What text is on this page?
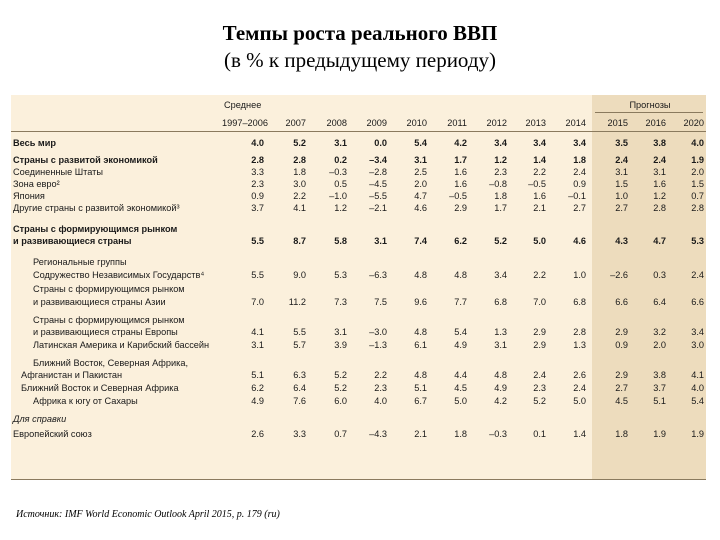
Темпы роста реального ВВП
(в % к предыдущему периоду)
Среднее
1997–2006
Прогнозы
2007	2008	2009	2010	2011	2012	2013	2014	2015	2016	2020
Весь мир	4.0	5.2	3.1	0.0	5.4	4.2	3.4	3.4	3.4	3.5	3.8	4.0
Страны с развитой экономикой	2.8	2.8	0.2	–3.4	3.1	1.7	1.2	1.4	1.8	2.4	2.4	1.9
Соединенные Штаты	3.3	1.8	–0.3	–2.8	2.5	1.6	2.3	2.2	2.4	3.1	3.1	2.0
Зона евро²	2.3	3.0	0.5	–4.5	2.0	1.6	–0.8	–0.5	0.9	1.5	1.6	1.5
Япония	0.9	2.2	–1.0	–5.5	4.7	–0.5	1.8	1.6	–0.1	1.0	1.2	0.7
Другие страны с развитой экономикой³	3.7	4.1	1.2	–2.1	4.6	2.9	1.7	2.1	2.7	2.7	2.8	2.8
Страны с формирующимся рынком
и развивающиеся страны	5.5	8.7	5.8	3.1	7.4	6.2	5.2	5.0	4.6	4.3	4.7	5.3
Региональные группы
Содружество Независимых Государств⁴	5.5	9.0	5.3	–6.3	4.8	4.8	3.4	2.2	1.0	–2.6	0.3	2.4
Страны с формирующимся рынком
и развивающиеся страны Азии	7.0	11.2	7.3	7.5	9.6	7.7	6.8	7.0	6.8	6.6	6.4	6.6
Страны с формирующимся рынком
и развивающиеся страны Европы	4.1	5.5	3.1	–3.0	4.8	5.4	1.3	2.9	2.8	2.9	3.2	3.4
Латинская Америка и Карибский бассейн	3.1	5.7	3.9	–1.3	6.1	4.9	3.1	2.9	1.3	0.9	2.0	3.0
Ближний Восток, Северная Африка,
Афганистан и Пакистан	5.1	6.3	5.2	2.2	4.8	4.4	4.8	2.4	2.6	2.9	3.8	4.1
Ближний Восток и Северная Африка	6.2	6.4	5.2	2.3	5.1	4.5	4.9	2.3	2.4	2.7	3.7	4.0
Африка к югу от Сахары	4.9	7.6	6.0	4.0	6.7	5.0	4.2	5.2	5.0	4.5	5.1	5.4
Для справки
Европейский союз	2.6	3.3	0.7	–4.3	2.1	1.8	–0.3	0.1	1.4	1.8	1.9	1.9
Источник: IMF World Economic Outlook April 2015, p. 179 (ru)
